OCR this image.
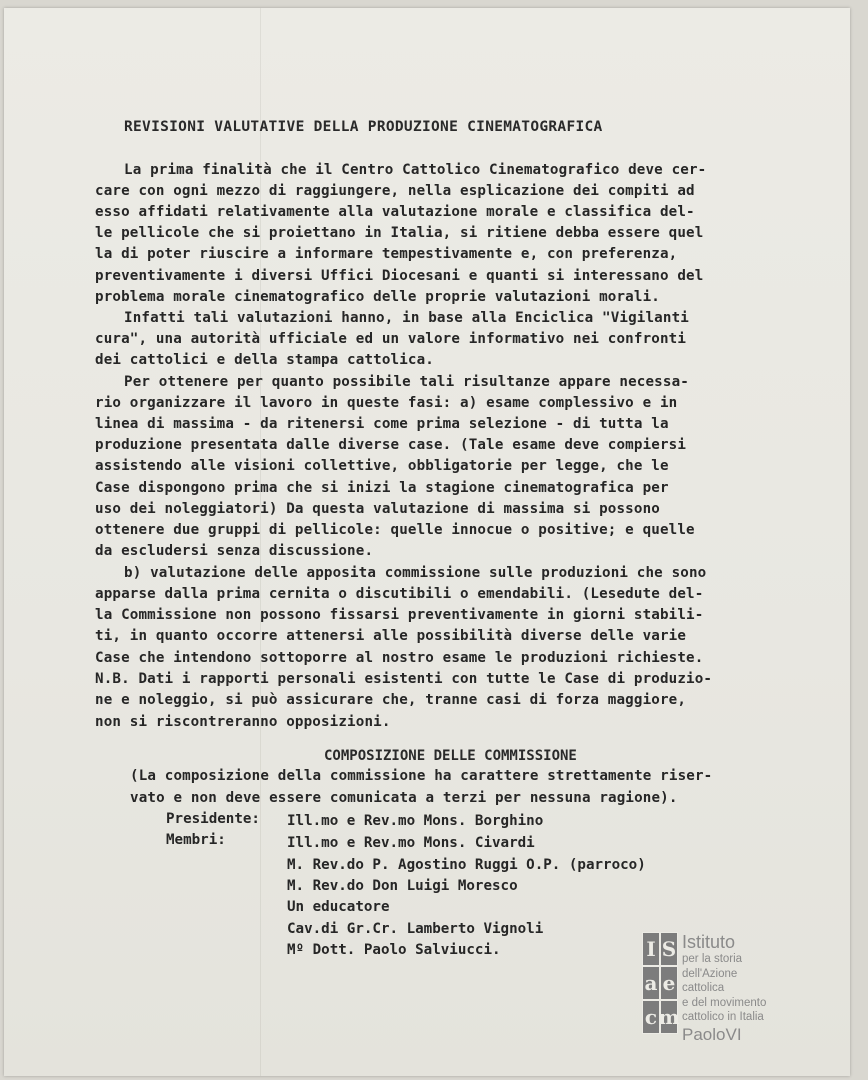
REVISIONI VALUTATIVE DELLA PRODUZIONE CINEMATOGRAFICA
La prima finalità che il Centro Cattolico Cinematografico deve cer-
care con ogni mezzo di raggiungere, nella esplicazione dei compiti ad
esso affidati relativamente alla valutazione morale e classifica del-
le pellicole che si proiettano in Italia, si ritiene debba essere quel
la di poter riuscire a informare tempestivamente e, con preferenza,
preventivamente i diversi Uffici Diocesani e quanti si interessano del
problema morale cinematografico delle proprie valutazioni morali.
Infatti tali valutazioni hanno, in base alla Enciclica "Vigilanti
cura", una autorità ufficiale ed un valore informativo nei confronti
dei cattolici e della stampa cattolica.
Per ottenere per quanto possibile tali risultanze appare necessa-
rio organizzare il lavoro in queste fasi: a) esame complessivo e in
linea di massima - da ritenersi come prima selezione - di tutta la
produzione presentata dalle diverse case. (Tale esame deve compiersi
assistendo alle visioni collettive, obbligatorie per legge, che le
Case dispongono prima che si inizi la stagione cinematografica per
uso dei noleggiatori) Da questa valutazione di massima si possono
ottenere due gruppi di pellicole: quelle innocue o positive; e quelle
da escludersi senza discussione.
b) valutazione delle apposita commissione sulle produzioni che sono
apparse dalla prima cernita o discutibili o emendabili. (Lesedute del-
la Commissione non possono fissarsi preventivamente in giorni stabili-
ti, in quanto occorre attenersi alle possibilità diverse delle varie
Case che intendono sottoporre al nostro esame le produzioni richieste.
N.B. Dati i rapporti personali esistenti con tutte le Case di produzio-
ne e noleggio, si può assicurare che, tranne casi di forza maggiore,
non si riscontreranno opposizioni.
COMPOSIZIONE DELLE COMMISSIONE
(La composizione della commissione ha carattere strettamente riser-
vato e non deve essere comunicata a terzi per nessuna ragione).
Presidente: Ill.mo e Rev.mo Mons. Borghino
Membri:	Ill.mo e Rev.mo Mons. Civardi
M. Rev.do P. Agostino Ruggi O.P. (parroco)
M. Rev.do Don Luigi Moresco
Un educatore
Cav.di Gr.Cr. Lamberto Vignoli
Mº Dott. Paolo Salviucci.	I S
a e
c m
Istituto
per la storia
dell'Azione cattolica
e del movimento
cattolico in Italia
PaoloVI
